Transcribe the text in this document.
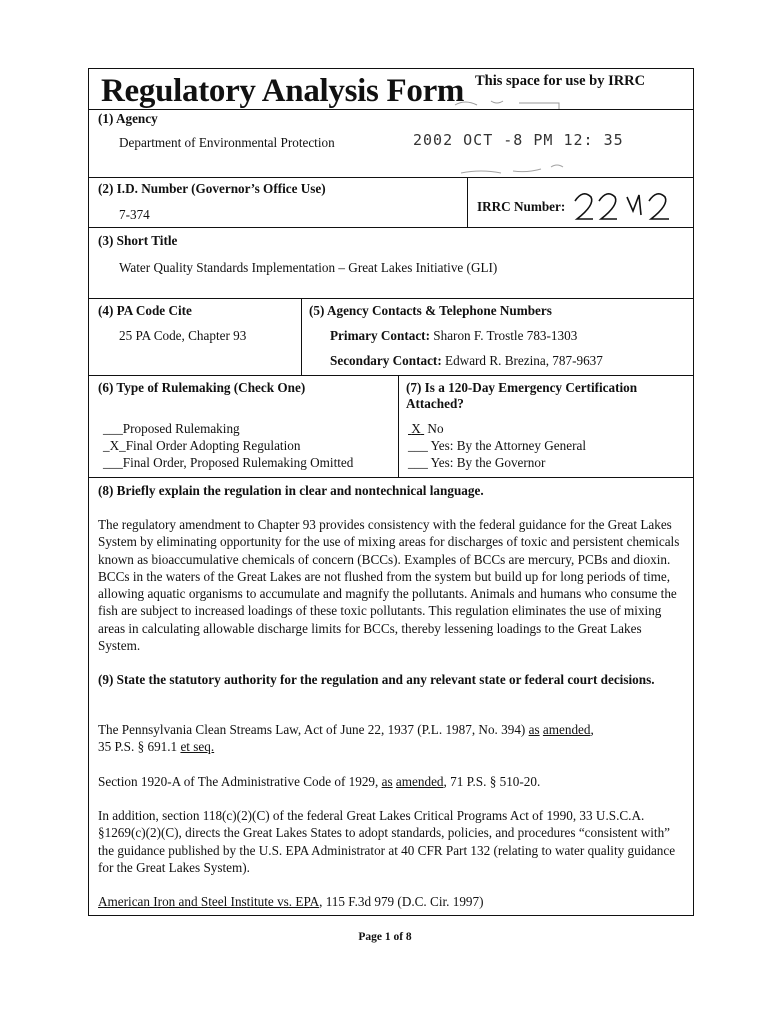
Regulatory Analysis Form This space for use by IRRC
2002 OCT -8 PM 12: 35
(1) Agency
Department of Environmental Protection
(2) I.D. Number (Governor’s Office Use)
7-374
IRRC Number:
(3) Short Title
Water Quality Standards Implementation – Great Lakes Initiative (GLI)
(4) PA Code Cite
25 PA Code, Chapter 93
(5) Agency Contacts & Telephone Numbers
Primary Contact: Sharon F. Trostle 783-1303
Secondary Contact: Edward R. Brezina, 787-9637
(6) Type of Rulemaking (Check One)
___Proposed Rulemaking
_X_Final Order Adopting Regulation
___Final Order, Proposed Rulemaking Omitted
(7) Is a 120-Day Emergency Certification
Attached?
X No
___ Yes: By the Attorney General
___ Yes: By the Governor
(8) Briefly explain the regulation in clear and nontechnical language.
The regulatory amendment to Chapter 93 provides consistency with the federal guidance for the Great Lakes System by eliminating opportunity for the use of mixing areas for discharges of toxic and persistent chemicals known as bioaccumulative chemicals of concern (BCCs). Examples of BCCs are mercury, PCBs and dioxin. BCCs in the waters of the Great Lakes are not flushed from the system but build up for long periods of time, allowing aquatic organisms to accumulate and magnify the pollutants. Animals and humans who consume the fish are subject to increased loadings of these toxic pollutants. This regulation eliminates the use of mixing areas in calculating allowable discharge limits for BCCs, thereby lessening loadings to the Great Lakes System.
(9) State the statutory authority for the regulation and any relevant state or federal court decisions.
The Pennsylvania Clean Streams Law, Act of June 22, 1937 (P.L. 1987, No. 394) as amended,
35 P.S. § 691.1 et seq.
Section 1920-A of The Administrative Code of 1929, as amended, 71 P.S. § 510-20.
In addition, section 118(c)(2)(C) of the federal Great Lakes Critical Programs Act of 1990, 33 U.S.C.A. §1269(c)(2)(C), directs the Great Lakes States to adopt standards, policies, and procedures “consistent with” the guidance published by the U.S. EPA Administrator at 40 CFR Part 132 (relating to water quality guidance for the Great Lakes System).
American Iron and Steel Institute vs. EPA, 115 F.3d 979 (D.C. Cir. 1997)
Page 1 of 8
